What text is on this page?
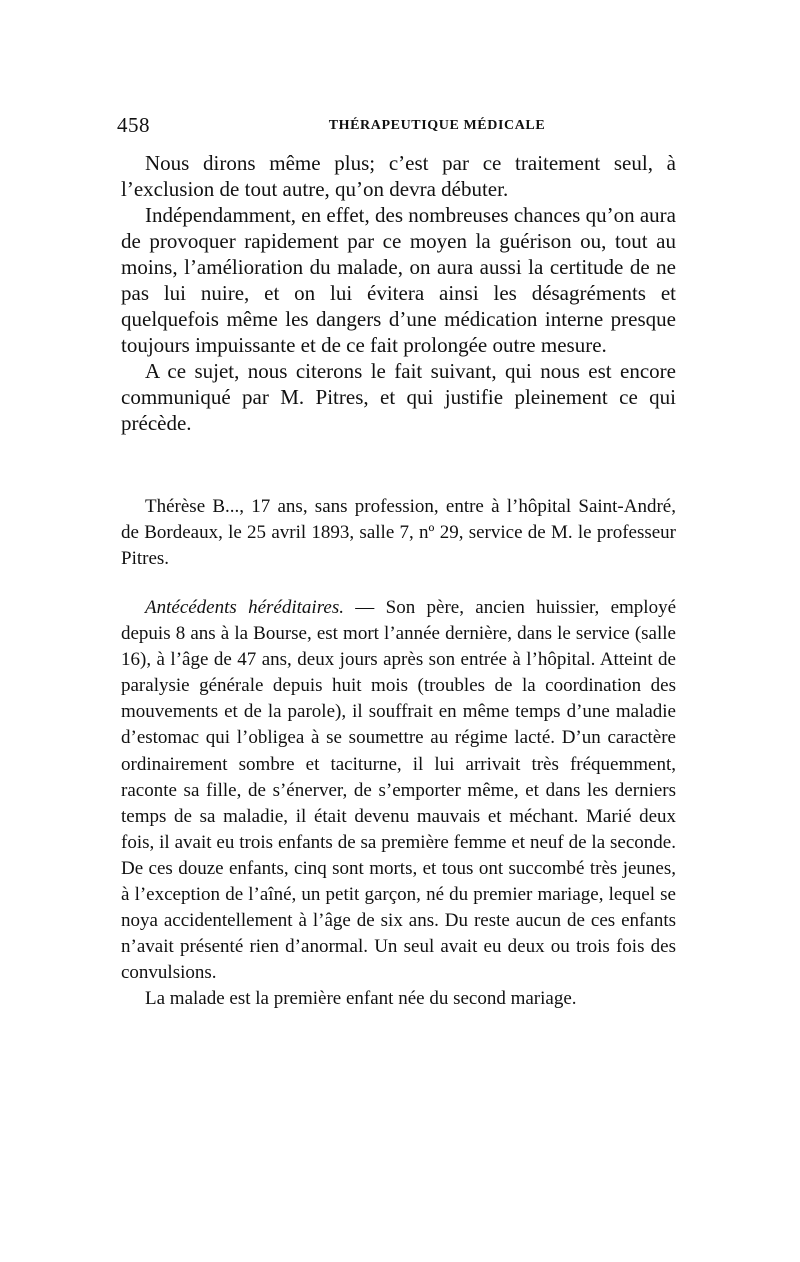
458	THÉRAPEUTIQUE MÉDICALE

Nous dirons même plus; c’est par ce traitement seul, à l’exclusion de tout autre, qu’on devra débuter.

Indépendamment, en effet, des nombreuses chances qu’on aura de provoquer rapidement par ce moyen la guérison ou, tout au moins, l’amélioration du malade, on aura aussi la certitude de ne pas lui nuire, et on lui évitera ainsi les désagréments et quelquefois même les dangers d’une médication interne presque toujours impuissante et de ce fait prolongée outre mesure.

A ce sujet, nous citerons le fait suivant, qui nous est encore communiqué par M. Pitres, et qui justifie pleinement ce qui précède.

Thérèse B..., 17 ans, sans profession, entre à l’hôpital Saint-André, de Bordeaux, le 25 avril 1893, salle 7, nº 29, service de M. le professeur Pitres.

Antécédents héréditaires. — Son père, ancien huissier, employé depuis 8 ans à la Bourse, est mort l’année dernière, dans le service (salle 16), à l’âge de 47 ans, deux jours après son entrée à l’hôpital. Atteint de paralysie générale depuis huit mois (troubles de la coordination des mouvements et de la parole), il souffrait en même temps d’une maladie d’estomac qui l’obligea à se soumettre au régime lacté. D’un caractère ordinairement sombre et taciturne, il lui arrivait très fréquemment, raconte sa fille, de s’énerver, de s’emporter même, et dans les derniers temps de sa maladie, il était devenu mauvais et méchant. Marié deux fois, il avait eu trois enfants de sa première femme et neuf de la seconde. De ces douze enfants, cinq sont morts, et tous ont succombé très jeunes, à l’exception de l’aîné, un petit garçon, né du premier mariage, lequel se noya accidentellement à l’âge de six ans. Du reste aucun de ces enfants n’avait présenté rien d’anormal. Un seul avait eu deux ou trois fois des convulsions.

La malade est la première enfant née du second mariage.
